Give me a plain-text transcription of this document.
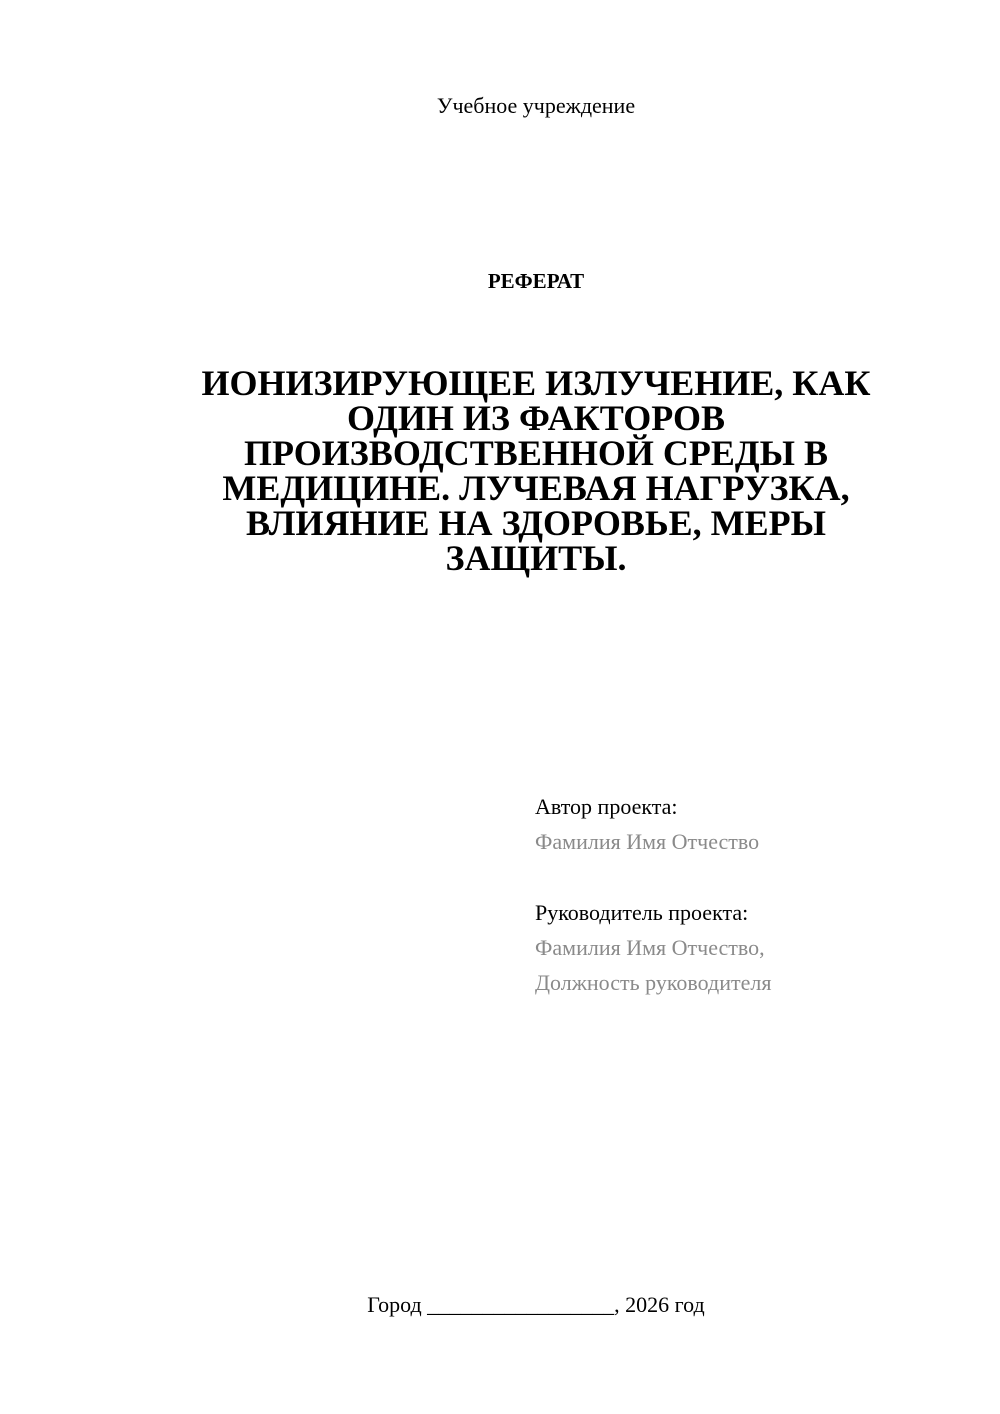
Учебное учреждение
РЕФЕРАТ
ИОНИЗИРУЮЩЕЕ ИЗЛУЧЕНИЕ, КАК
ОДИН ИЗ ФАКТОРОВ
ПРОИЗВОДСТВЕННОЙ СРЕДЫ В
МЕДИЦИНЕ. ЛУЧЕВАЯ НАГРУЗКА,
ВЛИЯНИЕ НА ЗДОРОВЬЕ, МЕРЫ
ЗАЩИТЫ.
Автор проекта:
Фамилия Имя Отчество
Руководитель проекта:
Фамилия Имя Отчество,
Должность руководителя
Город _________________, 2026 год
